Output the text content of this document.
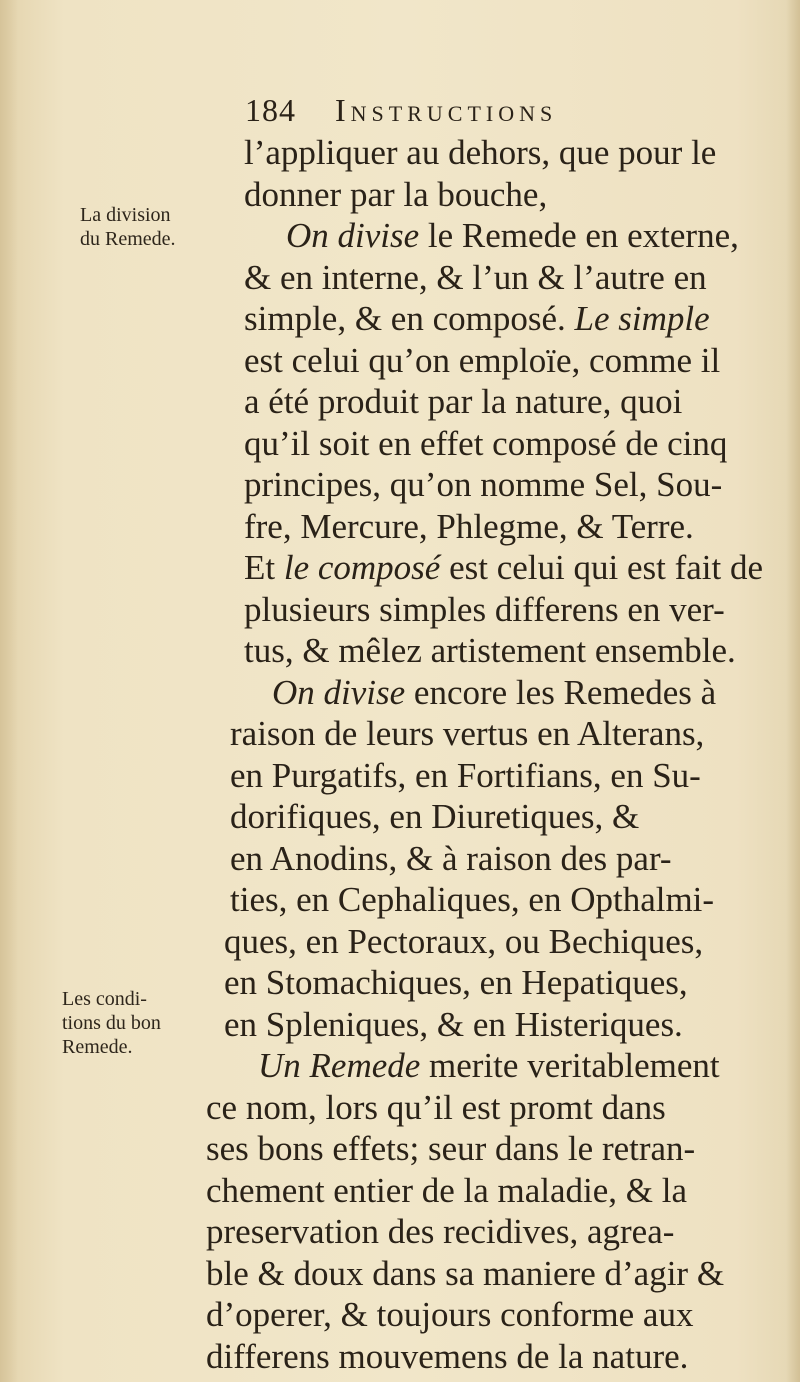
184 Instructions
La division
du Remede.
Les condi-
tions du bon
Remede.
l’appliquer au dehors, que pour le
donner par la bouche,
On divise le Remede en externe,
& en interne, & l’un & l’autre en
simple, & en composé. Le simple
est celui qu’on emploïe, comme il
a été produit par la nature, quoi
qu’il soit en effet composé de cinq
principes, qu’on nomme Sel, Sou-
fre, Mercure, Phlegme, & Terre.
Et le composé est celui qui est fait de
plusieurs simples differens en ver-
tus, & mêlez artistement ensemble.
On divise encore les Remedes à
raison de leurs vertus en Alterans,
en Purgatifs, en Fortifians, en Su-
dorifiques, en Diuretiques, &
en Anodins, & à raison des par-
ties, en Cephaliques, en Opthalmi-
ques, en Pectoraux, ou Bechiques,
en Stomachiques, en Hepatiques,
en Spleniques, & en Histeriques.
Un Remede merite veritablement
ce nom, lors qu’il est promt dans
ses bons effets; seur dans le retran-
chement entier de la maladie, & la
preservation des recidives, agrea-
ble & doux dans sa maniere d’agir &
d’operer, & toujours conforme aux
differens mouvemens de la nature.
